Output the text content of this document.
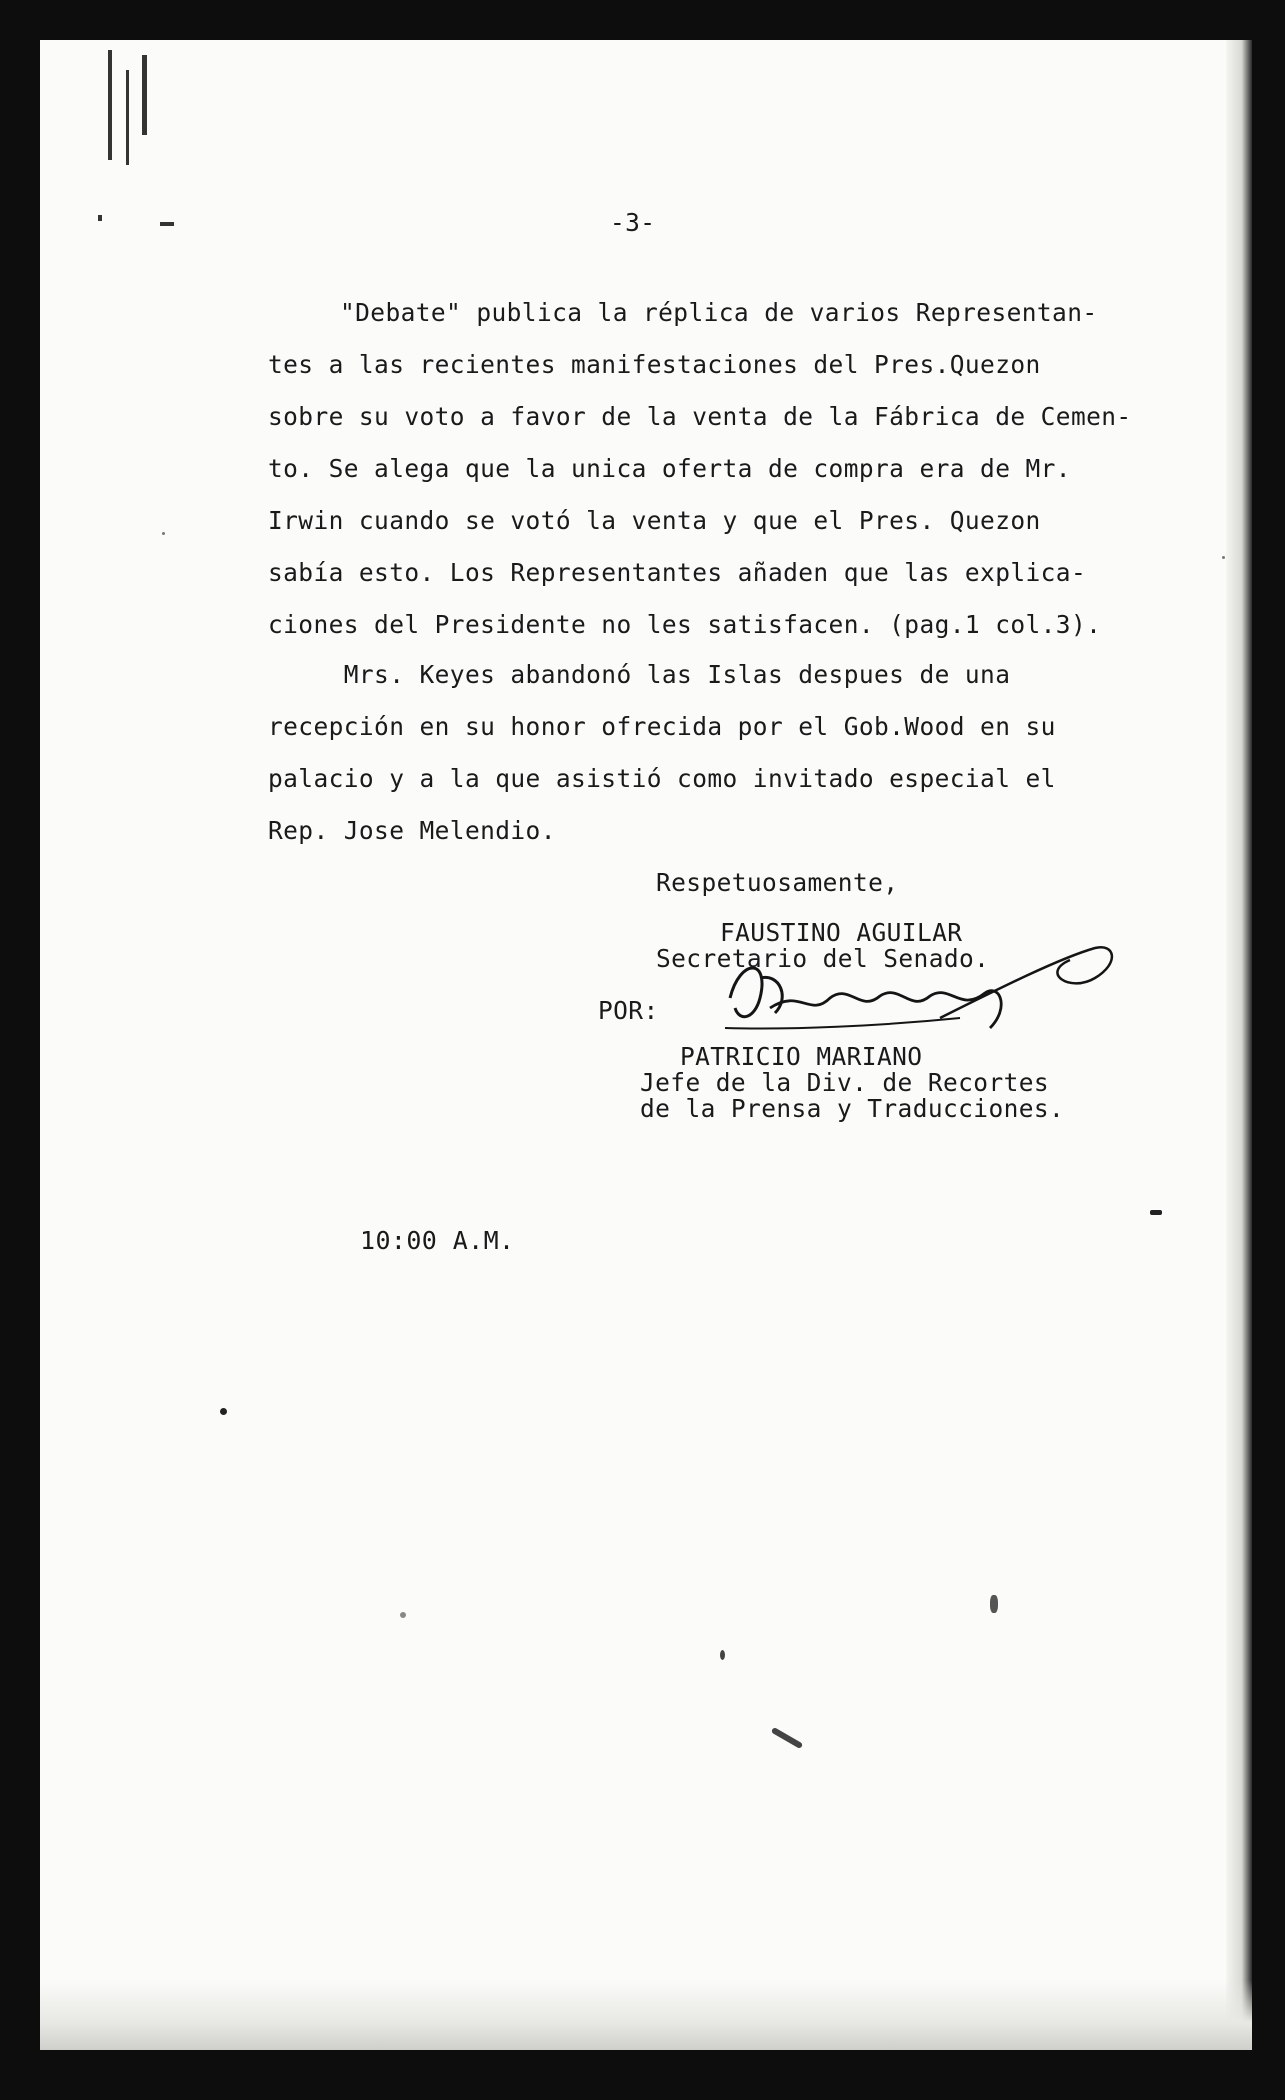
-3-
"Debate" publica la réplica de varios Representan-
tes a las recientes manifestaciones del Pres.Quezon
sobre su voto a favor de la venta de la Fábrica de Cemen-
to. Se alega que la unica oferta de compra era de Mr.
Irwin cuando se votó la venta y que el Pres. Quezon
sabía esto. Los Representantes añaden que las explica-
ciones del Presidente no les satisfacen. (pag.1 col.3).
Mrs. Keyes abandonó las Islas despues de una
recepción en su honor ofrecida por el Gob.Wood en su
palacio y a la que asistió como invitado especial el
Rep. Jose Melendio.
Respetuosamente,
FAUSTINO AGUILAR
Secretario del Senado.
POR:
PATRICIO MARIANO
Jefe de la Div. de Recortes
de la Prensa y Traducciones.
10:00 A.M.
